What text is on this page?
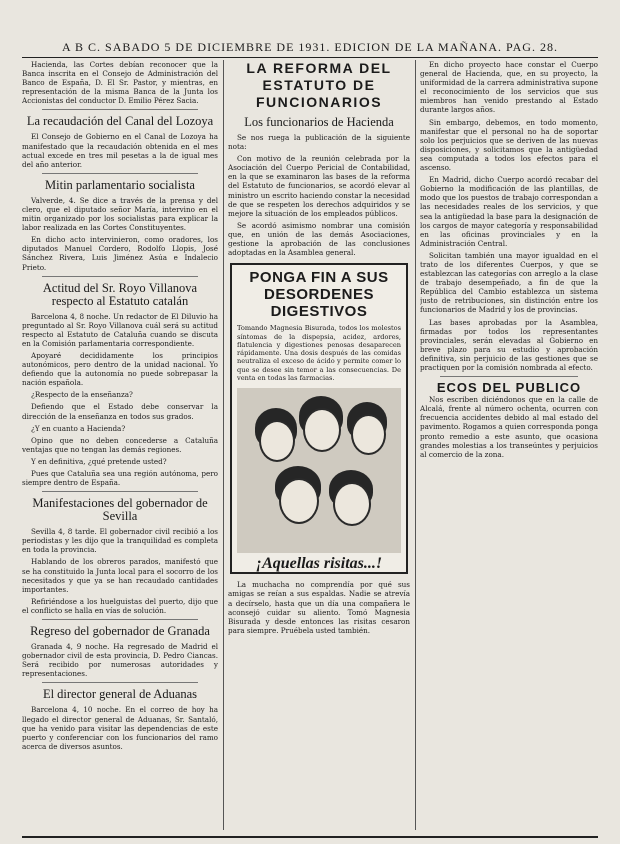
A B C. SABADO 5 DE DICIEMBRE DE 1931. EDICION DE LA MAÑANA. PAG. 28.

Hacienda, las Cortes debían reconocer que la Banca inscrita en el Consejo de Administración del Banco de España, D. El Sr. Pastor, y mientras, en representación de la misma Banca de la Junta los Accionistas del conductor D. Emilio Pérez Sacia.

La recaudación del Canal del Lozoya

El Consejo de Gobierno en el Canal de Lozoya ha manifestado que la recaudación obtenida en el mes actual excede en tres mil pesetas a la de igual mes del año anterior.

Mitin parlamentario socialista

Valverde, 4. Se dice a través de la prensa y del clero, que el diputado señor María, intervino en el mitin organizado por los socialistas para explicar la labor realizada en las Cortes Constituyentes.

En dicho acto intervinieron, como oradores, los diputados Manuel Cordero, Rodolfo Llopis, José Sánchez Rivera, Luis Jiménez Asúa e Indalecio Prieto.

Actitud del Sr. Royo Villanova respecto al Estatuto catalán

Barcelona 4, 8 noche. Un redactor de El Diluvio ha preguntado al Sr. Royo Villanova cuál será su actitud respecto al Estatuto de Cataluña cuando se discuta en la Comisión parlamentaria correspondiente.

Apoyaré decididamente los principios autonómicos, pero dentro de la unidad nacional. Yo defiendo que la autonomía no puede sobrepasar la nación española.

¿Respecto de la enseñanza?

Defiendo que el Estado debe conservar la dirección de la enseñanza en todos sus grados.

¿Y en cuanto a Hacienda?

Opino que no deben concederse a Cataluña ventajas que no tengan las demás regiones.

Y en definitiva, ¿qué pretende usted?

Pues que Cataluña sea una región autónoma, pero siempre dentro de España.

Manifestaciones del gobernador de Sevilla

Sevilla 4, 8 tarde. El gobernador civil recibió a los periodistas y les dijo que la tranquilidad es completa en toda la provincia.

Hablando de los obreros parados, manifestó que se ha constituido la Junta local para el socorro de los necesitados y que ya se han recaudado cantidades importantes.

Refiriéndose a los huelguistas del puerto, dijo que el conflicto se halla en vías de solución.

Regreso del gobernador de Granada

Granada 4, 9 noche. Ha regresado de Madrid el gobernador civil de esta provincia, D. Pedro Ciancas. Será recibido por numerosas autoridades y representaciones.

El director general de Aduanas

Barcelona 4, 10 noche. En el correo de hoy ha llegado el director general de Aduanas, Sr. Santaló, que ha venido para visitar las dependencias de este puerto y conferenciar con los funcionarios del ramo acerca de diversos asuntos.

LA REFORMA DEL ESTATUTO DE FUNCIONARIOS
Los funcionarios de Hacienda

Se nos ruega la publicación de la siguiente nota:

Con motivo de la reunión celebrada por la Asociación del Cuerpo Pericial de Contabilidad, en la que se examinaron las bases de la reforma del Estatuto de funcionarios, se acordó elevar al ministro un escrito haciendo constar la necesidad de que se respeten los derechos adquiridos y se mejore la situación de los empleados públicos.

Se acordó asimismo nombrar una comisión que, en unión de las demás Asociaciones, gestione la aprobación de las conclusiones adoptadas en la Asamblea general.

PONGA FIN A SUS DESORDENES DIGESTIVOS
Tomando Magnesia Bisurada, todos los molestos síntomas de la dispepsia, acidez, ardores, flatulencia y digestiones penosas desaparecen rápidamente. Una dosis después de las comidas neutraliza el exceso de ácido y permite comer lo que se desee sin temor a las consecuencias. De venta en todas las farmacias.
¡Aquellas risitas...!

La muchacha no comprendía por qué sus amigas se reían a sus espaldas. Nadie se atrevía a decírselo, hasta que un día una compañera le aconsejó cuidar su aliento. Tomó Magnesia Bisurada y desde entonces las risitas cesaron para siempre. Pruébela usted también.

En dicho proyecto hace constar el Cuerpo general de Hacienda, que, en su proyecto, la uniformidad de la carrera administrativa supone el reconocimiento de los servicios que sus miembros han venido prestando al Estado durante largos años.

Sin embargo, debemos, en todo momento, manifestar que el personal no ha de soportar solo los perjuicios que se deriven de las nuevas disposiciones, y solicitamos que la antigüedad sea computada a todos los efectos para el ascenso.

En Madrid, dicho Cuerpo acordó recabar del Gobierno la modificación de las plantillas, de modo que los puestos de trabajo correspondan a las necesidades reales de los servicios, y que sea la antigüedad la base para la designación de los cargos de mayor categoría y responsabilidad en las oficinas provinciales y en la Administración Central.

Solicitan también una mayor igualdad en el trato de los diferentes Cuerpos, y que se establezcan las categorías con arreglo a la clase de trabajo desempeñado, a fin de que la República del Cambio establezca un sistema justo de retribuciones, sin distinción entre los funcionarios de Madrid y los de provincias.

Las bases aprobadas por la Asamblea, firmadas por todos los representantes provinciales, serán elevadas al Gobierno en breve plazo para su estudio y aprobación definitiva, sin perjuicio de las gestiones que se practiquen por la comisión nombrada al efecto.

ECOS DEL PUBLICO

Nos escriben diciéndonos que en la calle de Alcalá, frente al número ochenta, ocurren con frecuencia accidentes debido al mal estado del pavimento. Rogamos a quien corresponda ponga pronto remedio a este asunto, que ocasiona grandes molestias a los transeúntes y perjuicios al comercio de la zona.
